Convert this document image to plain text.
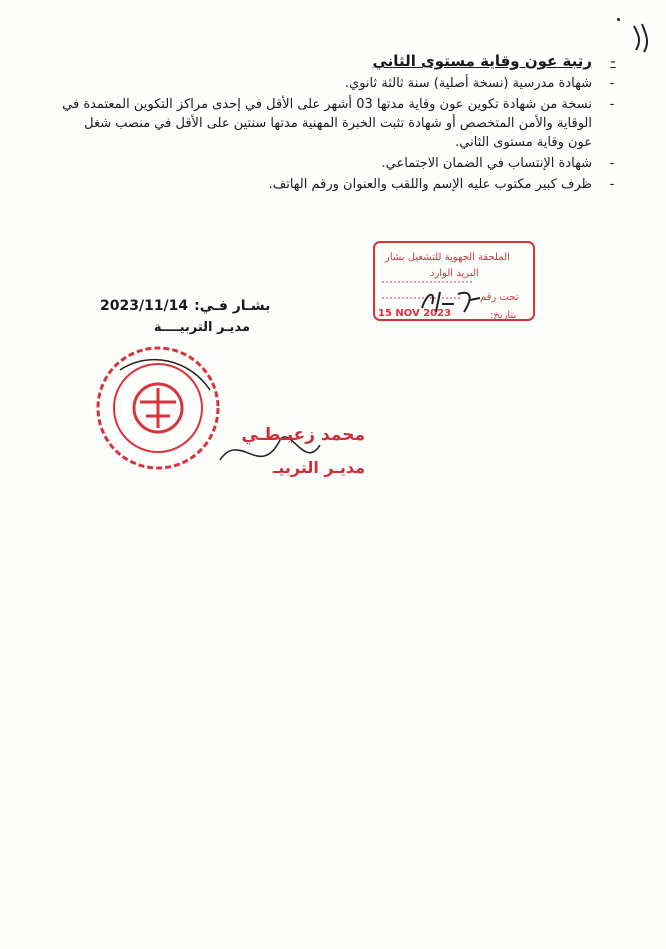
-
رتبة عون وقاية مستوى الثاني
-
شهادة مدرسية (نسخة أصلية) سنة ثالثة ثانوي.
-
نسخة من شهادة تكوين عون وقاية مدتها 03 أشهر على الأقل في إحدى مراكز التكوين المعتمدة في الوقاية والأمن المتخصص أو شهادة تثبت الخبرة المهنية مدتها سنتين على الأقل في منصب شغل عون وقاية مستوى الثاني.
-
شهادة الإنتساب في الضمان الاجتماعي.
-
ظرف كبير مكتوب عليه الإسم واللقب والعنوان ورقم الهاتف.
الملحقة الجهوية للتشغيل بشار
البريد الوارد
تحت رقم
بتاريخ:
15 NOV 2023
بشـار فـي:
2023/11/14
مديـر التربيــــة
محمد زعيـطـي
مديـر التربيـ
